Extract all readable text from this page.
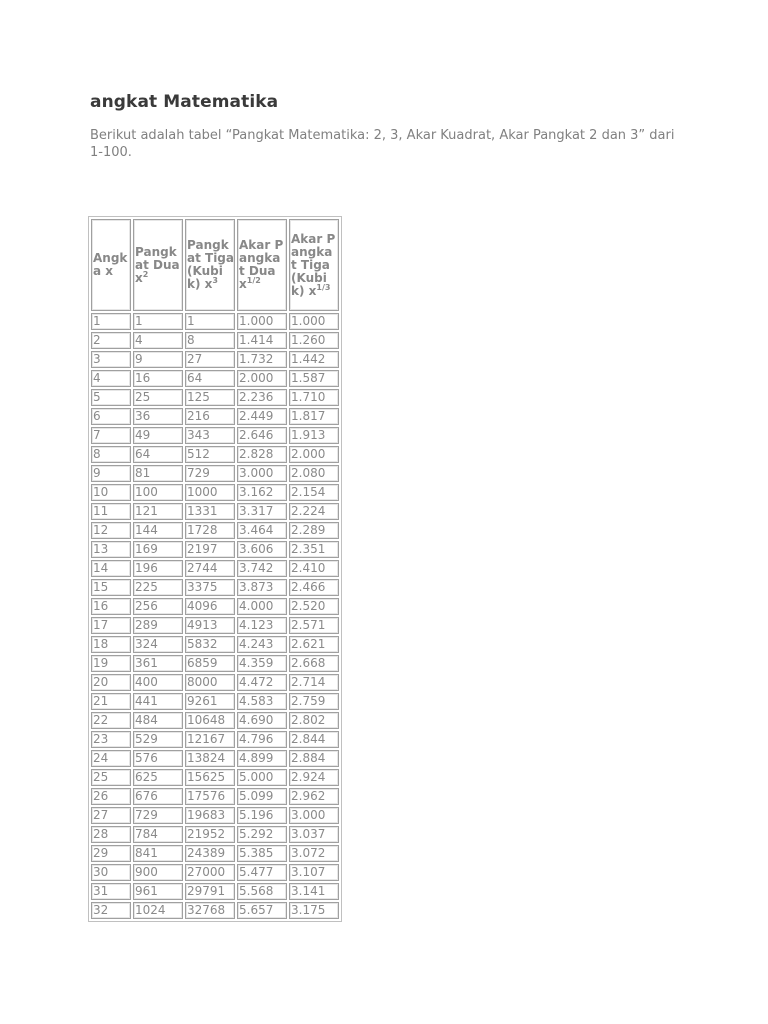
angkat Matematika

Berikut adalah tabel “Pangkat Matematika: 2, 3, Akar Kuadrat, Akar Pangkat 2 dan 3” dari 1-100.

Angka x	Pangkat Dua $x^2$	Pangkat Tiga (Kubik) $x^3$	Akar Pangkat Dua $x^{1/2}$	Akar Pangkat Tiga (Kubik) $x^{1/3}$
1	1	1	1.000	1.000
2	4	8	1.414	1.260
3	9	27	1.732	1.442
4	16	64	2.000	1.587
5	25	125	2.236	1.710
6	36	216	2.449	1.817
7	49	343	2.646	1.913
8	64	512	2.828	2.000
9	81	729	3.000	2.080
10	100	1000	3.162	2.154
11	121	1331	3.317	2.224
12	144	1728	3.464	2.289
13	169	2197	3.606	2.351
14	196	2744	3.742	2.410
15	225	3375	3.873	2.466
16	256	4096	4.000	2.520
17	289	4913	4.123	2.571
18	324	5832	4.243	2.621
19	361	6859	4.359	2.668
20	400	8000	4.472	2.714
21	441	9261	4.583	2.759
22	484	10648	4.690	2.802
23	529	12167	4.796	2.844
24	576	13824	4.899	2.884
25	625	15625	5.000	2.924
26	676	17576	5.099	2.962
27	729	19683	5.196	3.000
28	784	21952	5.292	3.037
29	841	24389	5.385	3.072
30	900	27000	5.477	3.107
31	961	29791	5.568	3.141
32	1024	32768	5.657	3.175
